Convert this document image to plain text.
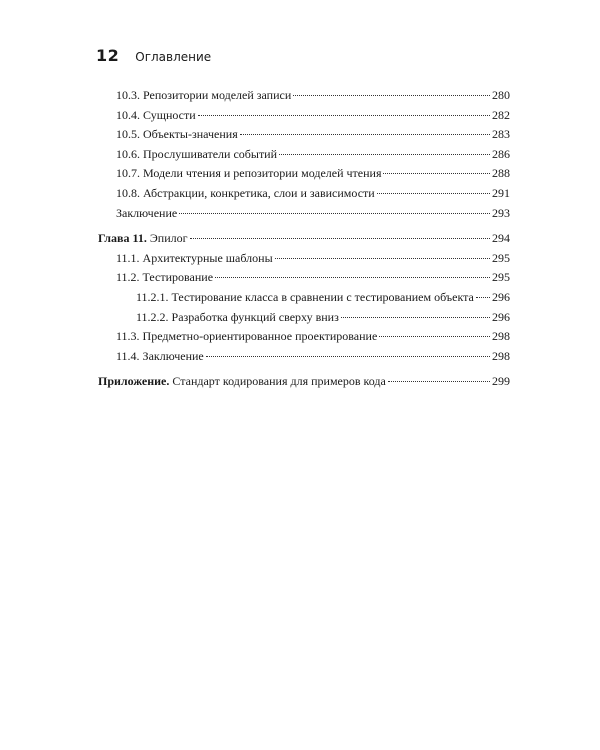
12 Оглавление
10.3. Репозитории моделей записи	280
10.4. Сущности	282
10.5. Объекты-значения	283
10.6. Прослушиватели событий	286
10.7. Модели чтения и репозитории моделей чтения	288
10.8. Абстракции, конкретика, слои и зависимости	291
Заключение	293
Глава 11. Эпилог	294
11.1. Архитектурные шаблоны	295
11.2. Тестирование	295
11.2.1. Тестирование класса в сравнении с тестированием объекта 296
11.2.2. Разработка функций сверху вниз	296
11.3. Предметно-ориентированное проектирование	298
11.4. Заключение	298
Приложение. Стандарт кодирования для примеров кода	299
